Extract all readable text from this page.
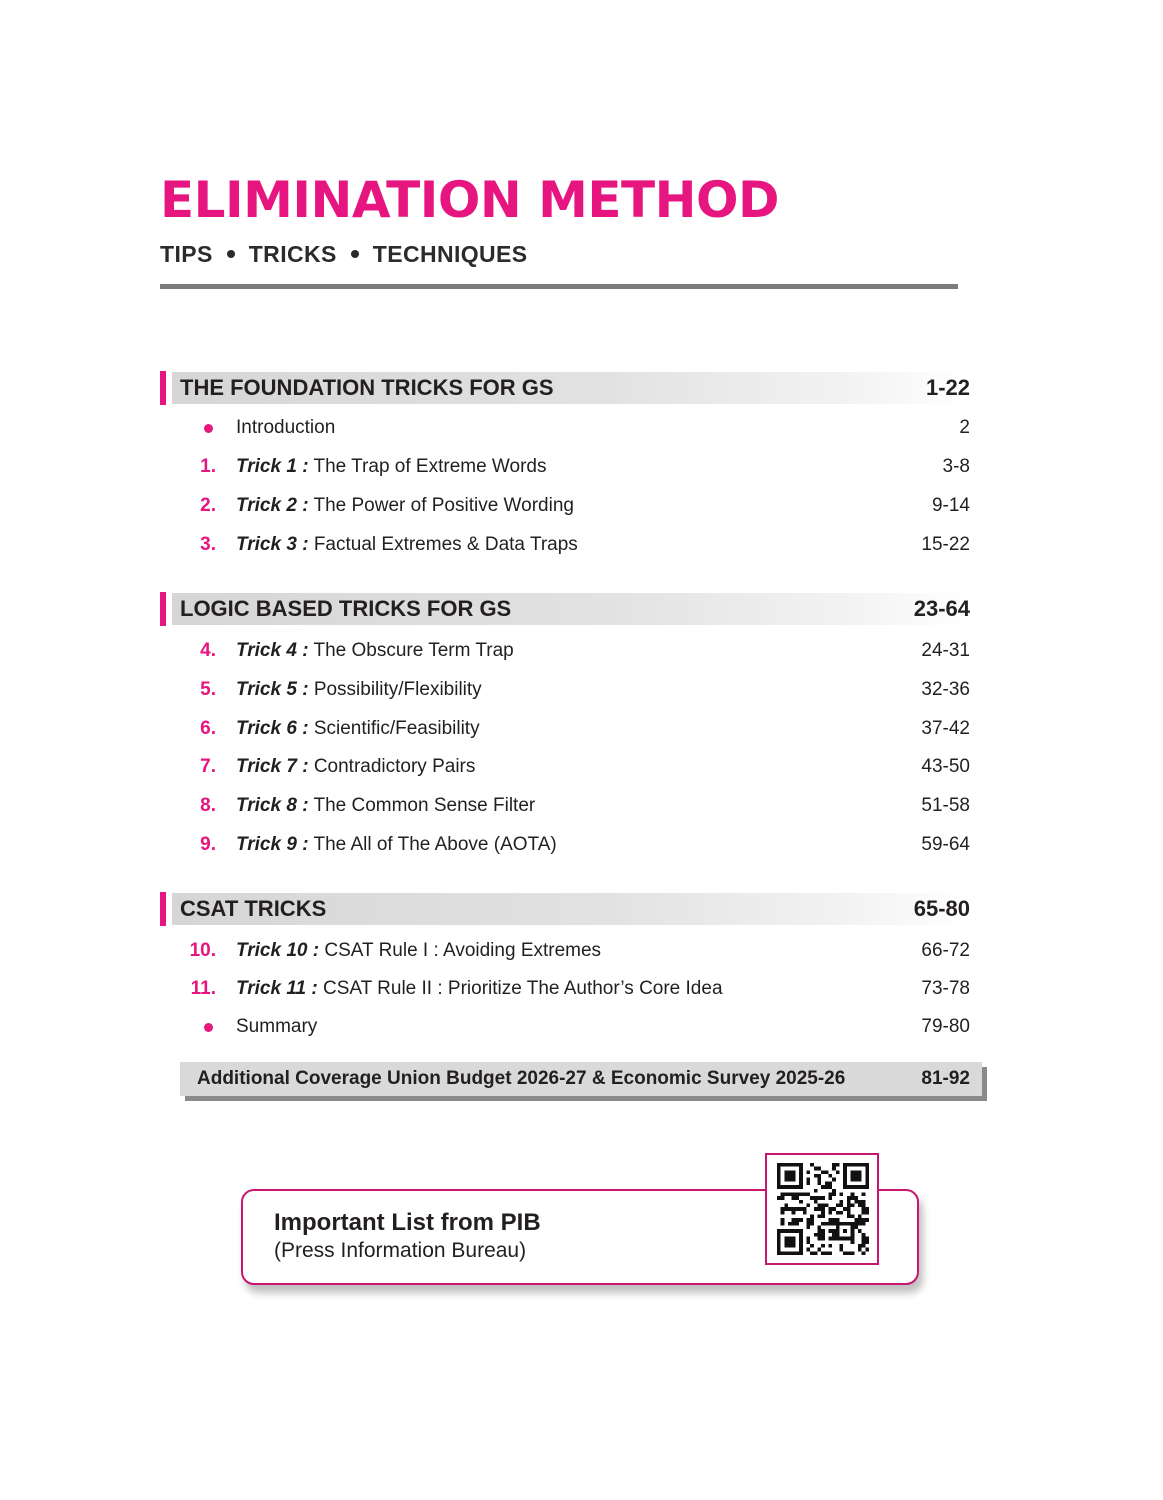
ELIMINATION METHOD
TIPS TRICKS TECHNIQUES
THE FOUNDATION TRICKS FOR GS	1-22
Introduction	2
1. Trick 1 : The Trap of Extreme Words	3-8
2. Trick 2 : The Power of Positive Wording	9-14
3. Trick 3 : Factual Extremes & Data Traps	15-22
LOGIC BASED TRICKS FOR GS	23-64
4. Trick 4 : The Obscure Term Trap	24-31
5. Trick 5 : Possibility/Flexibility	32-36
6. Trick 6 : Scientific/Feasibility	37-42
7. Trick 7 : Contradictory Pairs	43-50
8. Trick 8 : The Common Sense Filter	51-58
9. Trick 9 : The All of The Above (AOTA)	59-64
CSAT TRICKS	65-80
10. Trick 10 : CSAT Rule I : Avoiding Extremes	66-72
11. Trick 11 : CSAT Rule II : Prioritize The Author’s Core Idea	73-78
Summary	79-80
Additional Coverage Union Budget 2026-27 & Economic Survey 2025-26	81-92
Important List from PIB
(Press Information Bureau)
